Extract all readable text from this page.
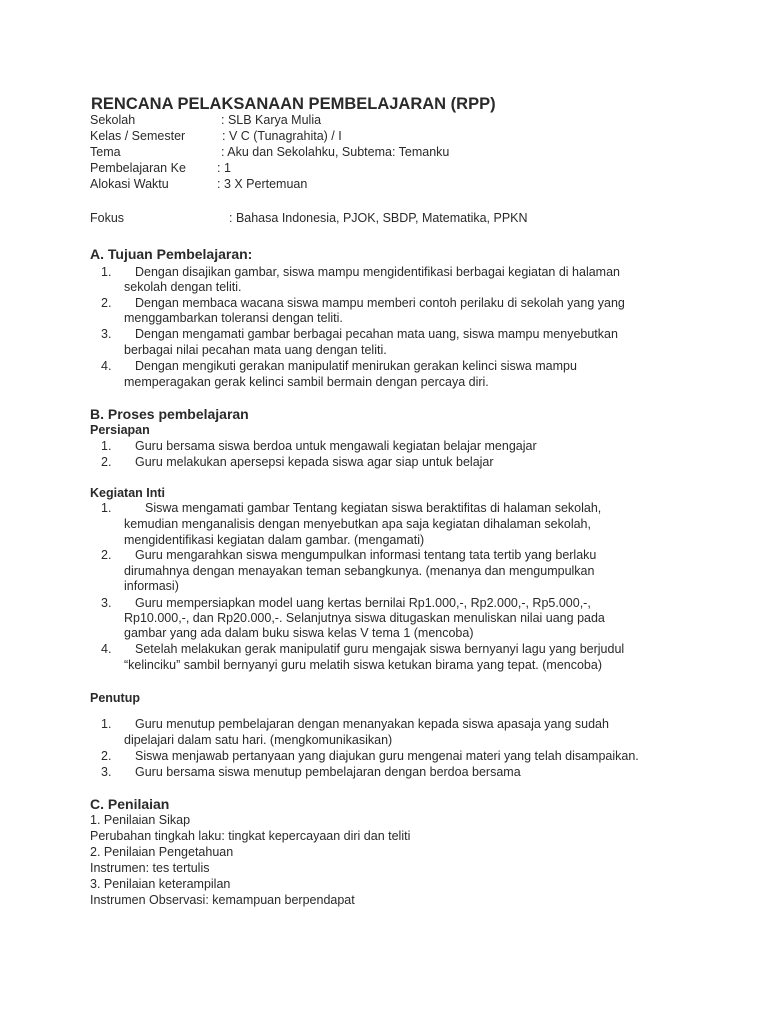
RENCANA PELAKSANAAN PEMBELAJARAN (RPP)
Sekolah	: SLB Karya Mulia
Kelas / Semester	: V C (Tunagrahita) / I
Tema	: Aku dan Sekolahku, Subtema: Temanku
Pembelajaran Ke : 1
Alokasi Waktu	: 3 X Pertemuan
Fokus	: Bahasa Indonesia, PJOK, SBDP, Matematika, PPKN
A. Tujuan Pembelajaran:
1. Dengan disajikan gambar, siswa mampu mengidentifikasi berbagai kegiatan di halaman
sekolah dengan teliti.
2. Dengan membaca wacana siswa mampu memberi contoh perilaku di sekolah yang yang
menggambarkan toleransi dengan teliti.
3. Dengan mengamati gambar berbagai pecahan mata uang, siswa mampu menyebutkan
berbagai nilai pecahan mata uang dengan teliti.
4. Dengan mengikuti gerakan manipulatif menirukan gerakan kelinci siswa mampu
memperagakan gerak kelinci sambil bermain dengan percaya diri.
B. Proses pembelajaran
Persiapan
1. Guru bersama siswa berdoa untuk mengawali kegiatan belajar mengajar
2. Guru melakukan apersepsi kepada siswa agar siap untuk belajar
Kegiatan Inti
1.	Siswa mengamati gambar Tentang kegiatan siswa beraktifitas di halaman sekolah,
kemudian menganalisis dengan menyebutkan apa saja kegiatan dihalaman sekolah,
mengidentifikasi kegiatan dalam gambar. (mengamati)
2. Guru mengarahkan siswa mengumpulkan informasi tentang tata tertib yang berlaku
dirumahnya dengan menayakan teman sebangkunya. (menanya dan mengumpulkan
informasi)
3. Guru mempersiapkan model uang kertas bernilai Rp1.000,-, Rp2.000,-, Rp5.000,-,
Rp10.000,-, dan Rp20.000,-. Selanjutnya siswa ditugaskan menuliskan nilai uang pada
gambar yang ada dalam buku siswa kelas V tema 1 (mencoba)
4. Setelah melakukan gerak manipulatif guru mengajak siswa bernyanyi lagu yang berjudul
“kelinciku” sambil bernyanyi guru melatih siswa ketukan birama yang tepat. (mencoba)
Penutup
1. Guru menutup pembelajaran dengan menanyakan kepada siswa apasaja yang sudah
dipelajari dalam satu hari. (mengkomunikasikan)
2. Siswa menjawab pertanyaan yang diajukan guru mengenai materi yang telah disampaikan.
3. Guru bersama siswa menutup pembelajaran dengan berdoa bersama
C. Penilaian
1. Penilaian Sikap
Perubahan tingkah laku: tingkat kepercayaan diri dan teliti
2. Penilaian Pengetahuan
Instrumen: tes tertulis
3. Penilaian keterampilan
Instrumen Observasi: kemampuan berpendapat
